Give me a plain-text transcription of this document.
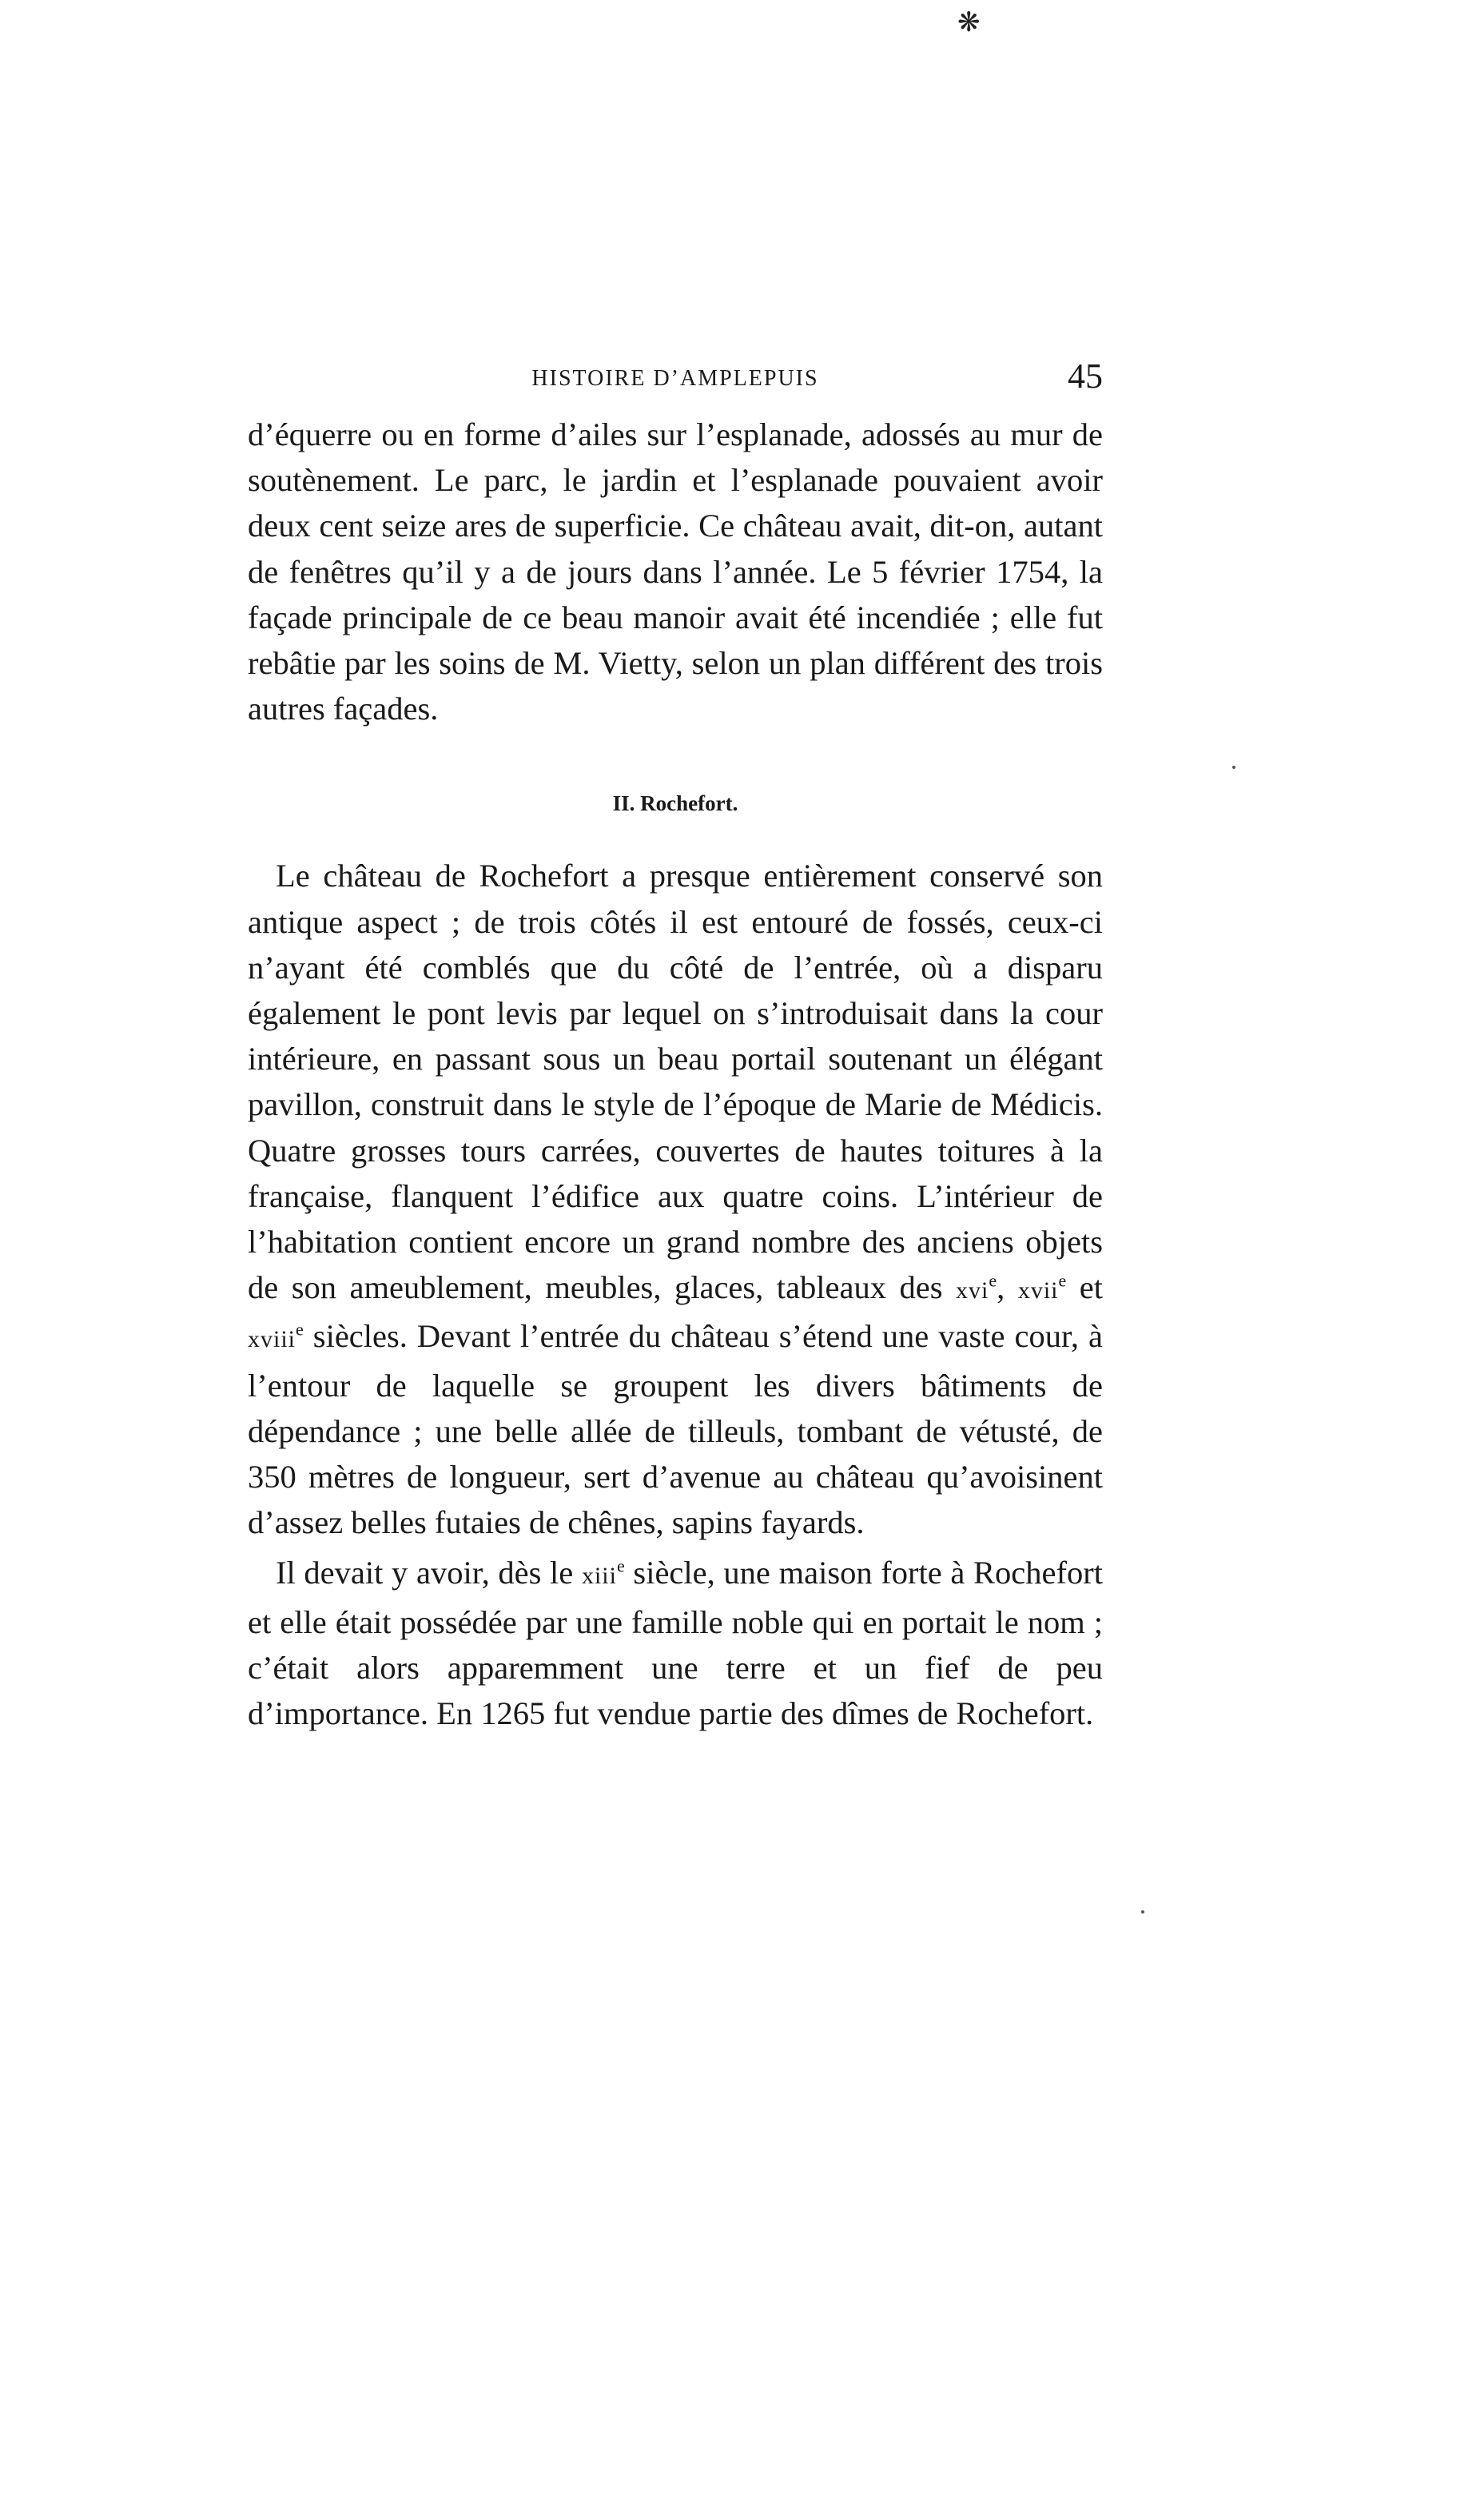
❋
HISTOIRE D’AMPLEPUIS	45

d’équerre ou en forme d’ailes sur l’esplanade, adossés au mur de soutènement. Le parc, le jardin et l’esplanade pouvaient avoir deux cent seize ares de superficie. Ce château avait, dit-on, autant de fenêtres qu’il y a de jours dans l’année. Le 5 février 1754, la façade principale de ce beau manoir avait été incendiée ; elle fut rebâtie par les soins de M. Vietty, selon un plan différent des trois autres façades.

II. Rochefort.

Le château de Rochefort a presque entièrement conservé son antique aspect ; de trois côtés il est entouré de fossés, ceux-ci n’ayant été comblés que du côté de l’entrée, où a disparu également le pont levis par lequel on s’introduisait dans la cour intérieure, en passant sous un beau portail soutenant un élégant pavillon, construit dans le style de l’époque de Marie de Médicis. Quatre grosses tours carrées, couvertes de hautes toitures à la française, flanquent l’édifice aux quatre coins. L’intérieur de l’habitation contient encore un grand nombre des anciens objets de son ameublement, meubles, glaces, tableaux des xvi$^e$, xvii$^e$ et xviii$^e$ siècles. Devant l’entrée du château s’étend une vaste cour, à l’entour de laquelle se groupent les divers bâtiments de dépendance ; une belle allée de tilleuls, tombant de vétusté, de 350 mètres de longueur, sert d’avenue au château qu’avoisinent d’assez belles futaies de chênes, sapins fayards.

Il devait y avoir, dès le xiii$^e$ siècle, une maison forte à Rochefort et elle était possédée par une famille noble qui en portait le nom ; c’était alors apparemment une terre et un fief de peu d’importance. En 1265 fut vendue partie des dîmes de Rochefort.
